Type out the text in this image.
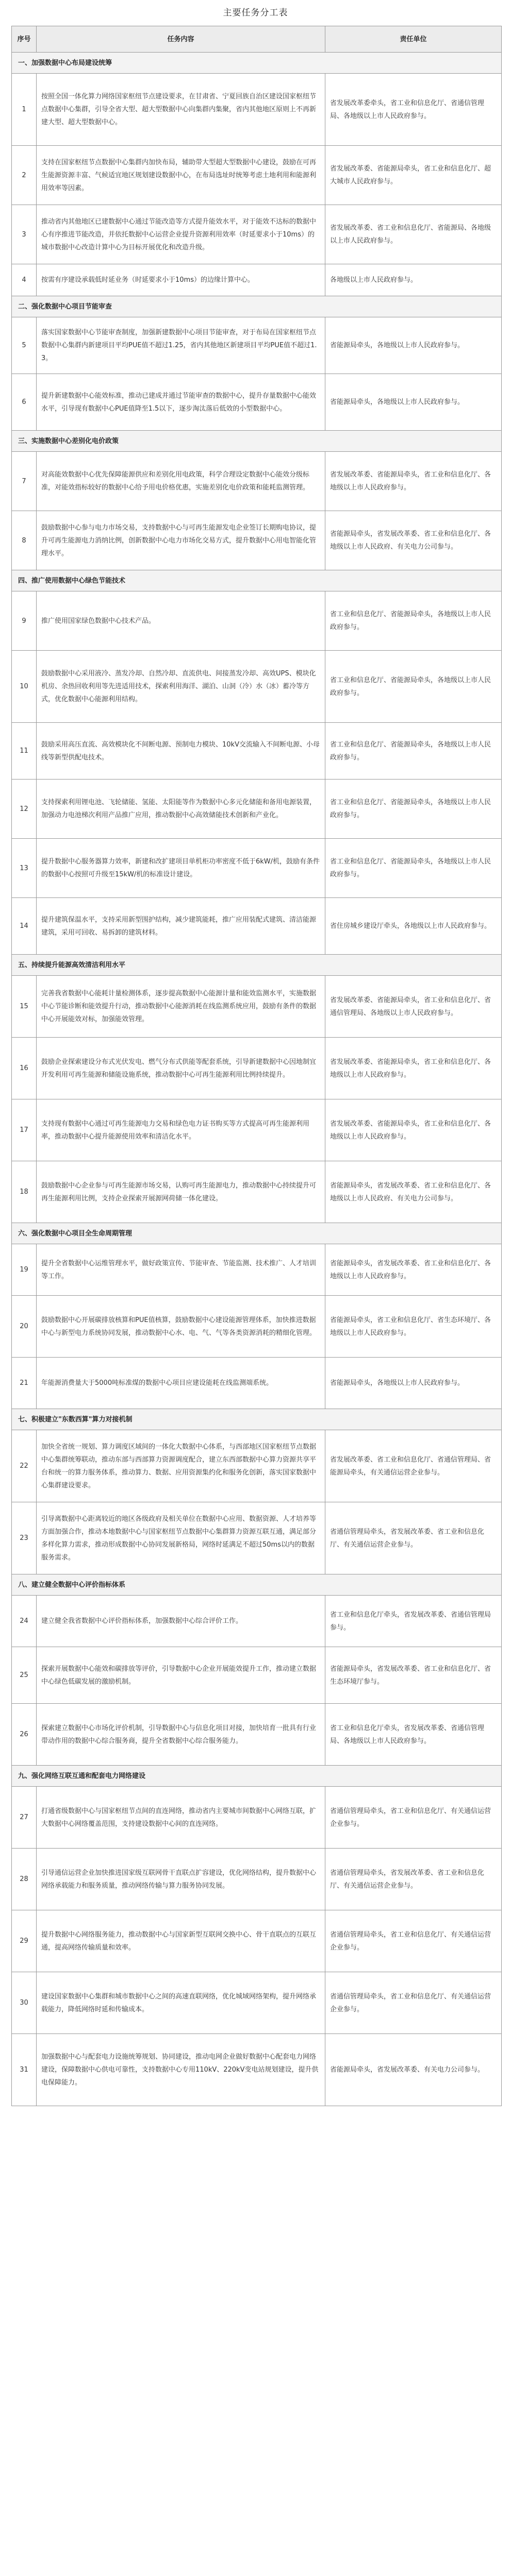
主要任务分工表
序号	任务内容	责任单位
一、加强数据中心布局建设统筹		
1	按照全国一体化算力网络国家枢纽节点建设要求，在甘肃省、宁夏回族自治区建设国家枢纽节点数据中心集群，引导全省大型、超大型数据中心向集群内集聚，省内其他地区原则上不再新建大型、超大型数据中心。	省发展改革委牵头，省工业和信息化厅、省通信管理局、各地级以上市人民政府参与。
2	支持在国家枢纽节点数据中心集群内加快布局，辅助带大型超大型数据中心建设，鼓励在可再生能源资源丰富、气候适宜地区规划建设数据中心，在布局选址时统筹考虑土地利用和能源利用效率等因素。	省发展改革委、省能源局牵头，省工业和信息化厅、超大城市人民政府参与。
3	推动省内其他地区已建数据中心通过节能改造等方式提升能效水平，对于能效不达标的数据中心有序推进节能改造，并依托数据中心运营企业提升资源利用效率（时延要求小于10ms）的城市数据中心改造计算中心为目标开展优化和改造升级。	省发展改革委、省工业和信息化厅、省能源局、各地级以上市人民政府参与。
4	按需有序建设承载低时延业务（时延要求小于10ms）的边缘计算中心。	各地级以上市人民政府参与。
二、强化数据中心项目节能审查		
5	落实国家数据中心节能审查制度，加强新建数据中心项目节能审查，对于布局在国家枢纽节点数据中心集群内新建项目平均PUE值不超过1.25，省内其他地区新建项目平均PUE值不超过1.3。	省能源局牵头，各地级以上市人民政府参与。
6	提升新建数据中心能效标准，推动已建成并通过节能审查的数据中心，提升存量数据中心能效水平，引导现有数据中心PUE值降至1.5以下，逐步淘汰落后低效的小型数据中心。	省能源局牵头，各地级以上市人民政府参与。
三、实施数据中心差别化电价政策		
7	对高能效数据中心优先保障能源供应和差别化用电政策，科学合理设定数据中心能效分级标准，对能效指标较好的数据中心给予用电价格优惠，实施差别化电价政策和能耗监测管理。	省发展改革委、省能源局牵头，省工业和信息化厅、各地级以上市人民政府参与。
8	鼓励数据中心参与电力市场交易，支持数据中心与可再生能源发电企业签订长期购电协议，提升可再生能源电力消纳比例，创新数据中心电力市场化交易方式，提升数据中心用电智能化管理水平。	省能源局牵头，省发展改革委、省工业和信息化厅、各地级以上市人民政府、有关电力公司参与。
四、推广使用数据中心绿色节能技术		
9	推广使用国家绿色数据中心技术产品。	省工业和信息化厅、省能源局牵头，各地级以上市人民政府参与。
10	鼓励数据中心采用液冷、蒸发冷却、自然冷却、直流供电、间接蒸发冷却、高效UPS、模块化机房、余热回收利用等先进适用技术，探索利用海洋、湖泊、山洞（冷）水（冰）蓄冷等方式，优化数据中心能源利用结构。	省工业和信息化厅、省能源局牵头，各地级以上市人民政府参与。
11	鼓励采用高压直流、高效模块化不间断电源、预制电力模块、10kV交流输入不间断电源、小母线等新型供配电技术。	省工业和信息化厅、省能源局牵头，各地级以上市人民政府参与。
12	支持探索利用锂电池、飞轮储能、氢能、太阳能等作为数据中心多元化储能和备用电源装置，加强动力电池梯次利用产品推广应用，推动数据中心高效储能技术创新和产业化。	省工业和信息化厅、省能源局牵头，各地级以上市人民政府参与。
13	提升数据中心服务器算力效率，新建和改扩建项目单机柜功率密度不低于6kW/机，鼓励有条件的数据中心按照可升级至15kW/机的标准设计建设。	省工业和信息化厅、省能源局牵头，各地级以上市人民政府参与。
14	提升建筑保温水平，支持采用新型围护结构，减少建筑能耗，推广应用装配式建筑、清洁能源建筑，采用可回收、易拆卸的建筑材料。	省住房城乡建设厅牵头，各地级以上市人民政府参与。
五、持续提升能源高效清洁利用水平		
15	完善我省数据中心能耗计量检测体系，逐步提高数据中心能源计量和能效监测水平，实施数据中心节能诊断和能效提升行动，推动数据中心能源消耗在线监测系统应用，鼓励有条件的数据中心开展能效对标，加强能效管理。	省发展改革委、省能源局牵头，省工业和信息化厅、省通信管理局、各地级以上市人民政府参与。
16	鼓励企业探索建设分布式光伏发电、燃气分布式供能等配套系统，引导新建数据中心因地制宜开发利用可再生能源和储能设施系统，推动数据中心可再生能源利用比例持续提升。	省发展改革委、省能源局牵头，省工业和信息化厅、各地级以上市人民政府参与。
17	支持现有数据中心通过可再生能源电力交易和绿色电力证书购买等方式提高可再生能源利用率，推动数据中心提升能源使用效率和清洁化水平。	省发展改革委、省能源局牵头，省工业和信息化厅、各地级以上市人民政府参与。
18	鼓励数据中心企业参与可再生能源市场交易，认购可再生能源电力，推动数据中心持续提升可再生能源利用比例，支持企业探索开展源网荷储一体化建设。	省能源局牵头，省发展改革委、省工业和信息化厅、各地级以上市人民政府、有关电力公司参与。
六、强化数据中心项目全生命周期管理		
19	提升全省数据中心运维管理水平，做好政策宣传、节能审查、节能监测、技术推广、人才培训等工作。	省能源局牵头，省发展改革委、省工业和信息化厅、各地级以上市人民政府参与。
20	鼓励数据中心开展碳排放核算和PUE值核算，鼓励数据中心建设能源管理体系，加快推进数据中心与新型电力系统协同发展，推动数据中心水、电、气、气等各类资源消耗的精细化管理。	省能源局牵头，省工业和信息化厅、省生态环境厅、各地级以上市人民政府参与。
21	年能源消费量大于5000吨标准煤的数据中心项目应建设能耗在线监测端系统。	省能源局牵头，各地级以上市人民政府参与。
七、积极建立"东数西算"算力对接机制		
22	加快全省统一规划、算力调度区域间的一体化大数据中心体系，与西部地区国家枢纽节点数据中心集群统筹联动，推动东部与西部算力资源调度配合，建立东西部数据中心算力资源共享平台和统一的算力服务体系，推动算力、数据、应用资源集约化和服务化创新，落实国家数据中心集群建设要求。	省发展改革委、省工业和信息化厅、省通信管理局、省能源局牵头，有关通信运营企业参与。
23	引导离数据中心距离较近的地区各级政府及相关单位在数据中心应用、数据资源、人才培养等方面加强合作，推动本地数据中心与国家枢纽节点数据中心集群算力资源互联互通，满足部分多样化算力需求，推动形成数据中心协同发展新格局，网络时延满足不超过50ms以内的数据服务需求。	省通信管理局牵头，省发展改革委、省工业和信息化厅、有关通信运营企业参与。
八、建立健全数据中心评价指标体系		
24	建立健全我省数据中心评价指标体系，加强数据中心综合评价工作。	省工业和信息化厅牵头，省发展改革委、省通信管理局参与。
25	探索开展数据中心能效和碳排放等评价，引导数据中心企业开展能效提升工作，推动建立数据中心绿色低碳发展的激励机制。	省能源局牵头，省发展改革委、省工业和信息化厅、省生态环境厅参与。
26	探索建立数据中心市场化评价机制，引导数据中心与信息化项目对接，加快培育一批具有行业带动作用的数据中心综合服务商，提升全省数据中心综合服务能力。	省工业和信息化厅牵头，省发展改革委、省通信管理局、各地级以上市人民政府参与。
九、强化网络互联互通和配套电力网络建设		
27	打通省级数据中心与国家枢纽节点间的直连网络，推动省内主要城市间数据中心网络互联，扩大数据中心网络覆盖范围，支持建设数据中心间的直连网络。	省通信管理局牵头，省工业和信息化厅、有关通信运营企业参与。
28	引导通信运营企业加快推进国家级互联网骨干直联点扩容建设，优化网络结构，提升数据中心网络承载能力和服务质量，推动网络传输与算力服务协同发展。	省通信管理局牵头，省发展改革委、省工业和信息化厅、有关通信运营企业参与。
29	提升数据中心网络服务能力，推动数据中心与国家新型互联网交换中心、骨干直联点的互联互通，提高网络传输质量和效率。	省通信管理局牵头，省工业和信息化厅、有关通信运营企业参与。
30	建设国家数据中心集群和城市数据中心之间的高速直联网络，优化城域网络架构，提升网络承载能力，降低网络时延和传输成本。	省通信管理局牵头，省工业和信息化厅、有关通信运营企业参与。
31	加强数据中心与配套电力设施统筹规划、协同建设，推动电网企业做好数据中心配套电力网络建设，保障数据中心供电可靠性，支持数据中心专用110kV、220kV变电站规划建设，提升供电保障能力。	省能源局牵头，省发展改革委、有关电力公司参与。
